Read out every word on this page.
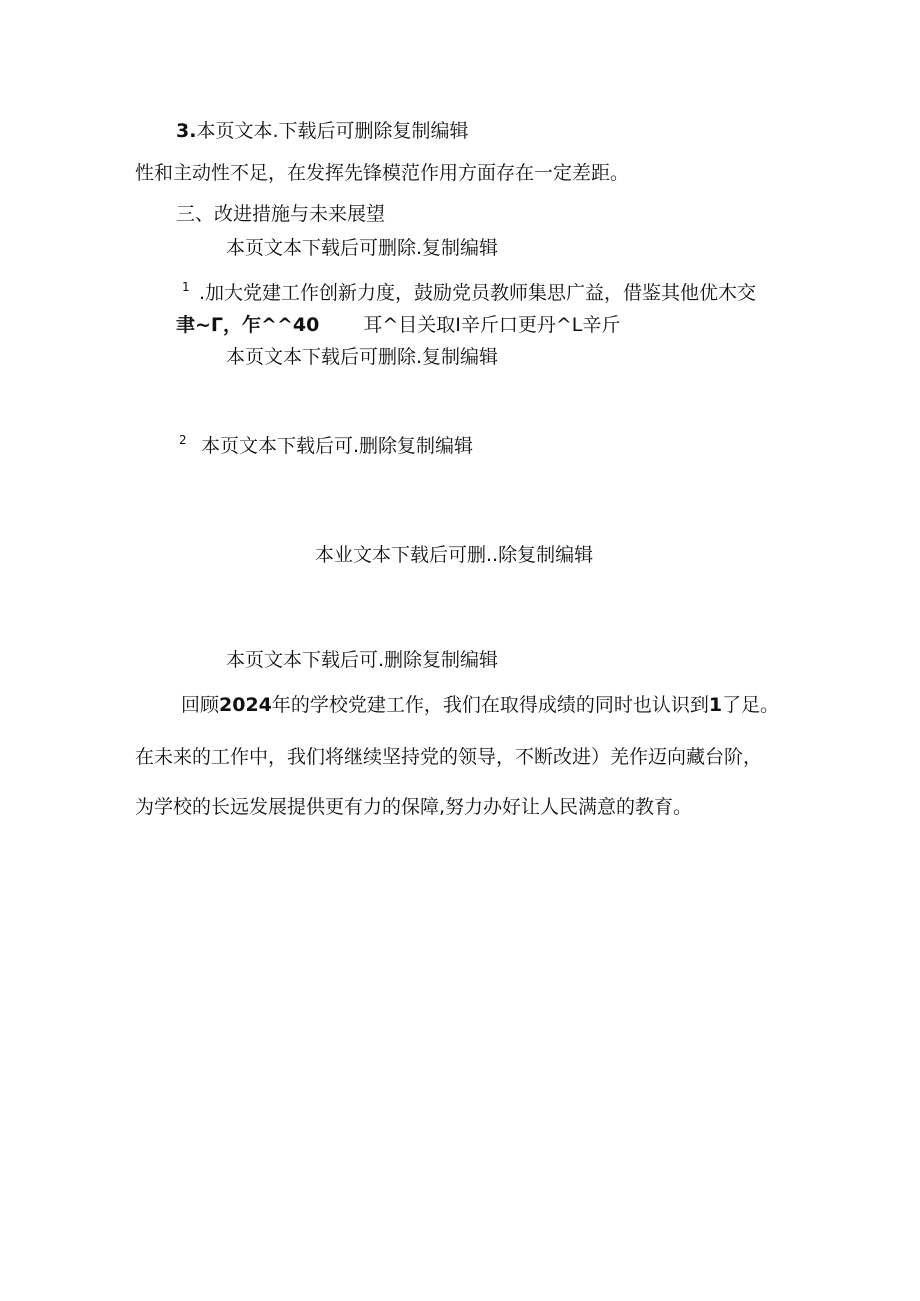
3.本页文本.下载后可删除复制编辑
性和主动性不足，在发挥先锋模范作用方面存在一定差距。
三、改进措施与未来展望
本页文本下载后可删除.复制编辑
1 .加大党建工作创新力度，鼓励党员教师集思广益，借鉴其他优木交
聿~Γ，乍^^40 耳^目关取I辛斤口更丹^L辛斤
本页文本下载后可删除.复制编辑
2 本页文本下载后可.删除复制编辑
本业文本下载后可删..除复制编辑
本页文本下载后可.删除复制编辑
回顾2024年的学校党建工作，我们在取得成绩的同时也认识到1了足。
在未来的工作中，我们将继续坚持党的领导，不断改进）羌作迈向藏台阶，
为学校的长远发展提供更有力的保障,努力办好让人民满意的教育。
